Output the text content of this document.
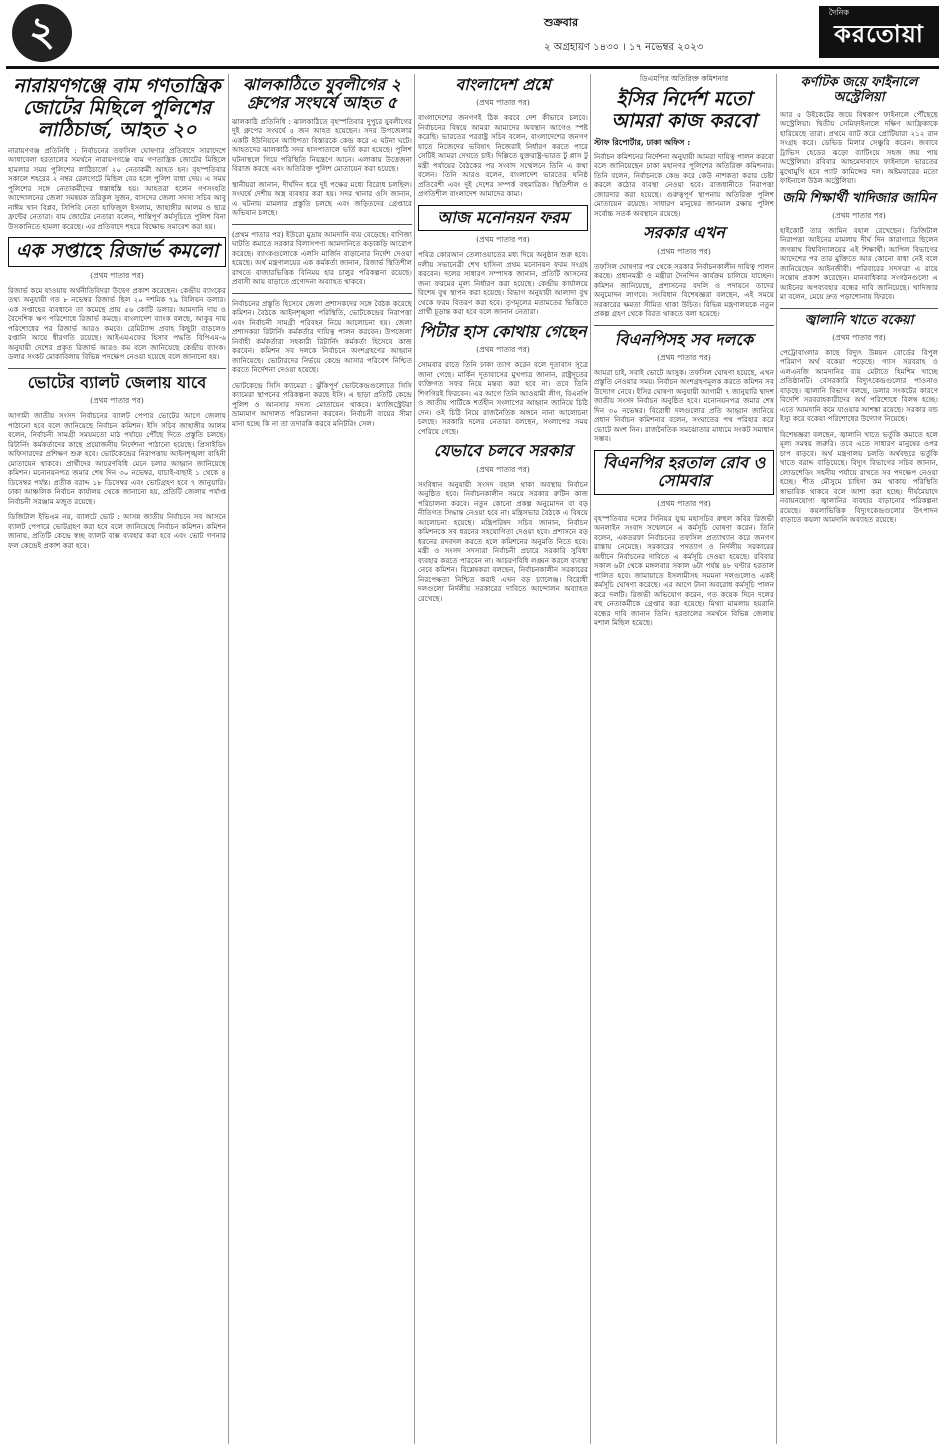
২	শুক্রবার
২ অগ্রহায়ণ ১৪৩০ । ১৭ নভেম্বর ২০২৩	করতোয়া
দৈনিক
নারায়ণগঞ্জে বাম গণতান্ত্রিক জোটের মিছিলে পুলিশের লাঠিচার্জ, আহত ২০
নারায়ণগঞ্জ প্রতিনিধি : নির্বাচনের তফসিল ঘোষণার প্রতিবাদে সারাদেশে আধাবেলা হরতালের সমর্থনে নারায়ণগঞ্জে বাম গণতান্ত্রিক জোটের মিছিলে হামলার সময় পুলিশের লাঠিচার্জে ২০ নেতাকর্মী আহত হন। বৃহস্পতিবার সকালে শহরের ২ নম্বর রেলগেটে মিছিল বের হলে পুলিশ বাধা দেয়। এ সময় পুলিশের সঙ্গে নেতাকর্মীদের ধস্তাধস্তি হয়। আহতরা হলেন গণসংহতি আন্দোলনের জেলা সমন্বয়ক তরিকুল সুজন, বাসদের জেলা সদস্য সচিব আবু নাঈম খান বিপ্লব, সিপিবি নেতা হাফিজুল ইসলাম, জাহাঙ্গীর আলম ও ছাত্র ফ্রন্টের নেতারা। বাম জোটের নেতারা বলেন, শান্তিপূর্ণ কর্মসূচিতে পুলিশ বিনা উসকানিতে হামলা করেছে। এর প্রতিবাদে শহরে বিক্ষোভ সমাবেশ করা হয়।
এক সপ্তাহে রিজার্ভ কমলো
(প্রথম পাতার পর)
রিজার্ভ কমে যাওয়ায় অর্থনীতিবিদরা উদ্বেগ প্রকাশ করেছেন। কেন্দ্রীয় ব্যাংকের তথ্য অনুযায়ী গত ৮ নভেম্বর রিজার্ভ ছিল ২০ দশমিক ৭৯ বিলিয়ন ডলার। এক সপ্তাহের ব্যবধানে তা কমেছে প্রায় ৫৬ কোটি ডলার। আমদানি দায় ও বৈদেশিক ঋণ পরিশোধে রিজার্ভ কমছে। বাংলাদেশ ব্যাংক বলছে, আকুর দায় পরিশোধের পর রিজার্ভ আরও কমবে। রেমিট্যান্স প্রবাহ কিছুটা বাড়লেও রপ্তানি আয়ে ধীরগতি রয়েছে। আইএমএফের হিসাব পদ্ধতি বিপিএম-৬ অনুযায়ী দেশের প্রকৃত রিজার্ভ আরও কম বলে জানিয়েছে কেন্দ্রীয় ব্যাংক। ডলার সংকট মোকাবিলায় বিভিন্ন পদক্ষেপ নেওয়া হয়েছে বলে জানানো হয়।
ভোটের ব্যালট জেলায় যাবে
(প্রথম পাতার পর)
আগামী জাতীয় সংসদ নির্বাচনের ব্যালট পেপার ভোটের আগে জেলায় পাঠানো হবে বলে জানিয়েছে নির্বাচন কমিশন। ইসি সচিব জাহাঙ্গীর আলম বলেন, নির্বাচনী সামগ্রী সময়মতো মাঠ পর্যায়ে পৌঁছে দিতে প্রস্তুতি চলছে। রিটার্নিং কর্মকর্তাদের কাছে প্রয়োজনীয় নির্দেশনা পাঠানো হয়েছে। প্রিসাইডিং অফিসারদের প্রশিক্ষণ শুরু হবে। ভোটকেন্দ্রের নিরাপত্তায় আইনশৃঙ্খলা বাহিনী মোতায়েন থাকবে। প্রার্থীদের আচরণবিধি মেনে চলার আহ্বান জানিয়েছে কমিশন। মনোনয়নপত্র জমার শেষ দিন ৩০ নভেম্বর, যাচাই-বাছাই ১ থেকে ৪ ডিসেম্বর পর্যন্ত। প্রতীক বরাদ্দ ১৮ ডিসেম্বর এবং ভোটগ্রহণ হবে ৭ জানুয়ারি। ঢাকা আঞ্চলিক নির্বাচন কার্যালয় থেকে জানানো হয়, প্রতিটি জেলায় পর্যাপ্ত নির্বাচনী সরঞ্জাম মজুত রয়েছে।
ডিজিটাল ইভিএম নয়, ব্যালটে ভোট : আসন্ন জাতীয় নির্বাচনে সব আসনে ব্যালট পেপারে ভোটগ্রহণ করা হবে বলে জানিয়েছে নির্বাচন কমিশন। কমিশন জানায়, প্রতিটি কেন্দ্রে স্বচ্ছ ব্যালট বাক্স ব্যবহার করা হবে এবং ভোট গণনার ফল কেন্দ্রেই প্রকাশ করা হবে।
ঝালকাঠিতে যুবলীগের ২ গ্রুপের সংঘর্ষে আহত ৫
ঝালকাঠি প্রতিনিধি : ঝালকাঠিতে বৃহস্পতিবার দুপুরে যুবলীগের দুই গ্রুপের সংঘর্ষে ৫ জন আহত হয়েছেন। সদর উপজেলার একটি ইউনিয়নে আধিপত্য বিস্তারকে কেন্দ্র করে এ ঘটনা ঘটে। আহতদের ঝালকাঠি সদর হাসপাতালে ভর্তি করা হয়েছে। পুলিশ ঘটনাস্থলে গিয়ে পরিস্থিতি নিয়ন্ত্রণে আনে। এলাকায় উত্তেজনা বিরাজ করছে এবং অতিরিক্ত পুলিশ মোতায়েন করা হয়েছে।
স্থানীয়রা জানান, দীর্ঘদিন ধরে দুই পক্ষের মধ্যে বিরোধ চলছিল। সংঘর্ষে দেশীয় অস্ত্র ব্যবহার করা হয়। সদর থানার ওসি জানান, এ ঘটনায় মামলার প্রস্তুতি চলছে এবং জড়িতদের গ্রেপ্তারে অভিযান চলছে।
(প্রথম পাতার পর) ইউরো মুদ্রায় আমদানি ব্যয় বেড়েছে। বাণিজ্য ঘাটতি কমাতে সরকার বিলাসপণ্য আমদানিতে কড়াকড়ি আরোপ করেছে। ব্যাংকগুলোকে এলসি মার্জিন বাড়ানোর নির্দেশ দেওয়া হয়েছে। অর্থ মন্ত্রণালয়ের এক কর্মকর্তা জানান, রিজার্ভ স্থিতিশীল রাখতে বাজারভিত্তিক বিনিময় হার চালুর পরিকল্পনা রয়েছে। প্রবাসী আয় বাড়াতে প্রণোদনা অব্যাহত থাকবে।
নির্বাচনের প্রস্তুতি হিসেবে জেলা প্রশাসকদের সঙ্গে বৈঠক করেছে কমিশন। বৈঠকে আইনশৃঙ্খলা পরিস্থিতি, ভোটকেন্দ্রের নিরাপত্তা এবং নির্বাচনী সামগ্রী পরিবহন নিয়ে আলোচনা হয়। জেলা প্রশাসকরা রিটার্নিং কর্মকর্তার দায়িত্ব পালন করবেন। উপজেলা নির্বাহী কর্মকর্তারা সহকারী রিটার্নিং কর্মকর্তা হিসেবে কাজ করবেন। কমিশন সব দলকে নির্বাচনে অংশগ্রহণের আহ্বান জানিয়েছে। ভোটারদের নির্ভয়ে কেন্দ্রে আসার পরিবেশ নিশ্চিত করতে নির্দেশনা দেওয়া হয়েছে।
ভোটকেন্দ্রে সিসি ক্যামেরা : ঝুঁকিপূর্ণ ভোটকেন্দ্রগুলোতে সিসি ক্যামেরা স্থাপনের পরিকল্পনা করছে ইসি। এ ছাড়া প্রতিটি কেন্দ্রে পুলিশ ও আনসার সদস্য মোতায়েন থাকবে। ম্যাজিস্ট্রেটরা ভ্রাম্যমাণ আদালত পরিচালনা করবেন। নির্বাচনী ব্যয়ের সীমা মানা হচ্ছে কি না তা তদারকি করবে মনিটরিং সেল।
বাংলাদেশ প্রশ্নে
(প্রথম পাতার পর)
বাংলাদেশের জনগণই ঠিক করবে দেশ কীভাবে চলবে। নির্বাচনের বিষয়ে আমরা আমাদের অবস্থান আগেও স্পষ্ট করেছি। ভারতের পররাষ্ট্র সচিব বলেন, বাংলাদেশের জনগণ যাতে নিজেদের ভবিষ্যৎ নিজেরাই নির্ধারণ করতে পারে সেটিই আমরা দেখতে চাই। দিল্লিতে যুক্তরাষ্ট্র-ভারত টু প্লাস টু মন্ত্রী পর্যায়ের বৈঠকের পর সংবাদ সম্মেলনে তিনি এ কথা বলেন। তিনি আরও বলেন, বাংলাদেশ ভারতের ঘনিষ্ঠ প্রতিবেশী এবং দুই দেশের সম্পর্ক বহুমাত্রিক। স্থিতিশীল ও প্রগতিশীল বাংলাদেশ আমাদের কাম্য।
আজ মনোনয়ন ফরম
(প্রথম পাতার পর)
পবিত্র কোরআন তেলাওয়াতের মধ্য দিয়ে অনুষ্ঠান শুরু হবে। দলীয় সভানেত্রী শেখ হাসিনা প্রথম মনোনয়ন ফরম সংগ্রহ করবেন। দলের সাধারণ সম্পাদক জানান, প্রতিটি আসনের জন্য ফরমের মূল্য নির্ধারণ করা হয়েছে। কেন্দ্রীয় কার্যালয়ে বিশেষ বুথ স্থাপন করা হয়েছে। বিভাগ অনুযায়ী আলাদা বুথ থেকে ফরম বিতরণ করা হবে। তৃণমূলের মতামতের ভিত্তিতে প্রার্থী চূড়ান্ত করা হবে বলে জানান নেতারা।
পিটার হাস কোথায় গেছেন
(প্রথম পাতার পর)
সোমবার রাতে তিনি ঢাকা ত্যাগ করেন বলে দূতাবাস সূত্রে জানা গেছে। মার্কিন দূতাবাসের মুখপাত্র জানান, রাষ্ট্রদূতের ব্যক্তিগত সফর নিয়ে মন্তব্য করা হবে না। তবে তিনি শিগগিরই ফিরবেন। এর আগে তিনি আওয়ামী লীগ, বিএনপি ও জাতীয় পার্টিকে শর্তহীন সংলাপের আহ্বান জানিয়ে চিঠি দেন। ওই চিঠি নিয়ে রাজনৈতিক অঙ্গনে নানা আলোচনা চলছে। সরকারি দলের নেতারা বলছেন, সংলাপের সময় পেরিয়ে গেছে।
যেভাবে চলবে সরকার
(প্রথম পাতার পর)
সংবিধান অনুযায়ী সংসদ বহাল থাকা অবস্থায় নির্বাচন অনুষ্ঠিত হবে। নির্বাচনকালীন সময়ে সরকার রুটিন কাজ পরিচালনা করবে। নতুন কোনো প্রকল্প অনুমোদন বা বড় নীতিগত সিদ্ধান্ত নেওয়া হবে না। মন্ত্রিসভার বৈঠকে এ বিষয়ে আলোচনা হয়েছে। মন্ত্রিপরিষদ সচিব জানান, নির্বাচন কমিশনকে সব ধরনের সহযোগিতা দেওয়া হবে। প্রশাসনে বড় ধরনের রদবদল করতে হলে কমিশনের অনুমতি নিতে হবে। মন্ত্রী ও সংসদ সদস্যরা নির্বাচনী প্রচারে সরকারি সুবিধা ব্যবহার করতে পারবেন না। আচরণবিধি লঙ্ঘন করলে ব্যবস্থা নেবে কমিশন। বিশ্লেষকরা বলছেন, নির্বাচনকালীন সরকারের নিরপেক্ষতা নিশ্চিত করাই এখন বড় চ্যালেঞ্জ। বিরোধী দলগুলো নির্দলীয় সরকারের দাবিতে আন্দোলন অব্যাহত রেখেছে।
ডিএমপির অতিরিক্ত কমিশনার
ইসির নির্দেশ মতো আমরা কাজ করবো
স্টাফ রিপোর্টার, ঢাকা অফিস :
নির্বাচন কমিশনের নির্দেশনা অনুযায়ী আমরা দায়িত্ব পালন করবো বলে জানিয়েছেন ঢাকা মহানগর পুলিশের অতিরিক্ত কমিশনার। তিনি বলেন, নির্বাচনকে কেন্দ্র করে কেউ নাশকতা করার চেষ্টা করলে কঠোর ব্যবস্থা নেওয়া হবে। রাজধানীতে নিরাপত্তা জোরদার করা হয়েছে। গুরুত্বপূর্ণ স্থাপনায় অতিরিক্ত পুলিশ মোতায়েন রয়েছে। সাধারণ মানুষের জানমাল রক্ষায় পুলিশ সর্বোচ্চ সতর্ক অবস্থানে রয়েছে।
সরকার এখন
(প্রথম পাতার পর)
তফসিল ঘোষণার পর থেকে সরকার নির্বাচনকালীন দায়িত্ব পালন করছে। প্রধানমন্ত্রী ও মন্ত্রীরা দৈনন্দিন কার্যক্রম চালিয়ে যাচ্ছেন। কমিশন জানিয়েছে, প্রশাসনের বদলি ও পদায়নে তাদের অনুমোদন লাগবে। সংবিধান বিশেষজ্ঞরা বলছেন, এই সময়ে সরকারের ক্ষমতা সীমিত থাকা উচিত। বিভিন্ন মন্ত্রণালয়কে নতুন প্রকল্প গ্রহণ থেকে বিরত থাকতে বলা হয়েছে।
বিএনপিসহ সব দলকে
(প্রথম পাতার পর)
আমরা চাই, সবাই ভোটে আসুক। তফসিল ঘোষণা হয়েছে, এখন প্রস্তুতি নেওয়ার সময়। নির্বাচন অংশগ্রহণমূলক করতে কমিশন সব উদ্যোগ নেবে। ইসির ঘোষণা অনুযায়ী আগামী ৭ জানুয়ারি দ্বাদশ জাতীয় সংসদ নির্বাচন অনুষ্ঠিত হবে। মনোনয়নপত্র জমার শেষ দিন ৩০ নভেম্বর। বিরোধী দলগুলোর প্রতি আহ্বান জানিয়ে প্রধান নির্বাচন কমিশনার বলেন, সংঘাতের পথ পরিহার করে ভোটে অংশ নিন। রাজনৈতিক সমঝোতার মাধ্যমে সংকট সমাধান সম্ভব।
বিএনপির হরতাল রোব ও সোমবার
(প্রথম পাতার পর)
বৃহস্পতিবার দলের সিনিয়র যুগ্ম মহাসচিব রুহুল কবির রিজভী অনলাইন সংবাদ সম্মেলনে এ কর্মসূচি ঘোষণা করেন। তিনি বলেন, একতরফা নির্বাচনের তফসিল প্রত্যাখ্যান করে জনগণ রাস্তায় নেমেছে। সরকারের পদত্যাগ ও নির্দলীয় সরকারের অধীনে নির্বাচনের দাবিতে এ কর্মসূচি দেওয়া হয়েছে। রবিবার সকাল ৬টা থেকে মঙ্গলবার সকাল ৬টা পর্যন্ত ৪৮ ঘণ্টার হরতাল পালিত হবে। জামায়াতে ইসলামীসহ সমমনা দলগুলোও একই কর্মসূচি ঘোষণা করেছে। এর আগে টানা অবরোধ কর্মসূচি পালন করে দলটি। রিজভী অভিযোগ করেন, গত কয়েক দিনে দলের বহু নেতাকর্মীকে গ্রেপ্তার করা হয়েছে। মিথ্যা মামলায় হয়রানি বন্ধের দাবি জানান তিনি। হরতালের সমর্থনে বিভিন্ন জেলায় মশাল মিছিল হয়েছে।
কর্ণাটক জয়ে ফাইনালে অস্ট্রেলিয়া
আর ৫ উইকেটের জয়ে বিশ্বকাপ ফাইনালে পৌঁছেছে অস্ট্রেলিয়া। দ্বিতীয় সেমিফাইনালে দক্ষিণ আফ্রিকাকে হারিয়েছে তারা। প্রথমে ব্যাট করে প্রোটিয়ারা ২১২ রান সংগ্রহ করে। ডেভিড মিলার সেঞ্চুরি করেন। জবাবে ট্রাভিস হেডের ঝড়ো ব্যাটিংয়ে সহজ জয় পায় অস্ট্রেলিয়া। রবিবার আহমেদাবাদে ফাইনালে ভারতের মুখোমুখি হবে প্যাট কামিন্সের দল। অষ্টমবারের মতো ফাইনালে উঠল অস্ট্রেলিয়া।
জমি শিক্ষার্থী খাদিজার জামিন
(প্রথম পাতার পর)
হাইকোর্ট তার জামিন বহাল রেখেছেন। ডিজিটাল নিরাপত্তা আইনের মামলায় দীর্ঘ দিন কারাগারে ছিলেন জগন্নাথ বিশ্ববিদ্যালয়ের এই শিক্ষার্থী। আপিল বিভাগের আদেশের পর তার মুক্তিতে আর কোনো বাধা নেই বলে জানিয়েছেন আইনজীবী। পরিবারের সদস্যরা এ রায়ে সন্তোষ প্রকাশ করেছেন। মানবাধিকার সংগঠনগুলো এ আইনের অপব্যবহার বন্ধের দাবি জানিয়েছে। খাদিজার মা বলেন, মেয়ে দ্রুত পড়াশোনায় ফিরবে।
জ্বালানি খাতে বকেয়া
(প্রথম পাতার পর)
পেট্রোবাংলার কাছে বিদ্যুৎ উন্নয়ন বোর্ডের বিপুল পরিমাণ অর্থ বকেয়া পড়েছে। গ্যাস সরবরাহ ও এলএনজি আমদানির ব্যয় মেটাতে হিমশিম খাচ্ছে প্রতিষ্ঠানটি। বেসরকারি বিদ্যুৎকেন্দ্রগুলোর পাওনাও বাড়ছে। জ্বালানি বিভাগ বলছে, ডলার সংকটের কারণে বিদেশি সরবরাহকারীদের অর্থ পরিশোধে বিলম্ব হচ্ছে। এতে আমদানি কমে যাওয়ার আশঙ্কা রয়েছে। সরকার বন্ড ইস্যু করে বকেয়া পরিশোধের উদ্যোগ নিয়েছে।
বিশেষজ্ঞরা বলছেন, জ্বালানি খাতে ভর্তুকি কমাতে হলে মূল্য সমন্বয় জরুরি। তবে এতে সাধারণ মানুষের ওপর চাপ বাড়বে। অর্থ মন্ত্রণালয় চলতি অর্থবছরে ভর্তুকি খাতে বরাদ্দ বাড়িয়েছে। বিদ্যুৎ বিভাগের সচিব জানান, লোডশেডিং সহনীয় পর্যায়ে রাখতে সব পদক্ষেপ নেওয়া হচ্ছে। শীত মৌসুমে চাহিদা কম থাকায় পরিস্থিতি স্বাভাবিক থাকবে বলে আশা করা হচ্ছে। দীর্ঘমেয়াদে নবায়নযোগ্য জ্বালানির ব্যবহার বাড়ানোর পরিকল্পনা রয়েছে। কয়লাভিত্তিক বিদ্যুৎকেন্দ্রগুলোর উৎপাদন বাড়াতে কয়লা আমদানি অব্যাহত রয়েছে।
